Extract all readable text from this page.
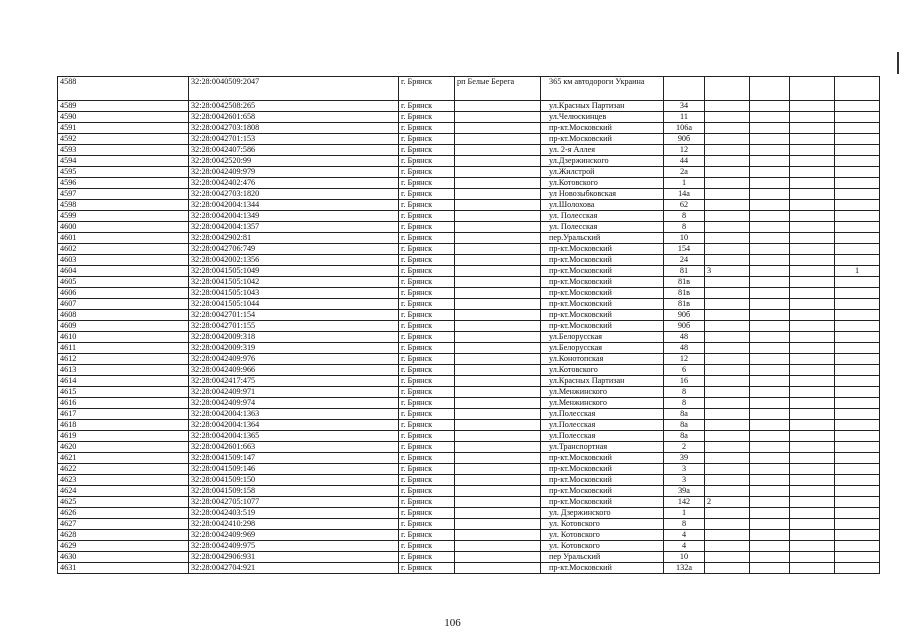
4588	32:28:0040509:2047	г. Брянск	рп Белые Берега	365 км автодороги Украина					
4589	32:28:0042508:265	г. Брянск		ул.Красных Партизан	34				
4590	32:28:0042601:658	г. Брянск		ул.Челюскинцев	11				
4591	32:28:0042703:1808	г. Брянск		пр-кт.Московский	106а				
4592	32:28:0042701:153	г. Брянск		пр-кт.Московский	90б				
4593	32:28:0042407:586	г. Брянск		ул. 2-я Аллея	12				
4594	32:28:0042520:99	г. Брянск		ул.Дзержинского	44				
4595	32:28:0042409:979	г. Брянск		ул.Жилстрой	2а				
4596	32:28:0042402:476	г. Брянск		ул.Котовского	1				
4597	32:28:0042703:1820	г. Брянск		ул Новозыбковская	14а				
4598	32:28:0042004:1344	г. Брянск		ул.Шолохова	62				
4599	32:28:0042004:1349	г. Брянск		ул. Полесская	8				
4600	32:28:0042004:1357	г. Брянск		ул. Полесская	8				
4601	32:28:0042902:81	г. Брянск		пер.Уральский	10				
4602	32:28:0042706:749	г. Брянск		пр-кт.Московский	154				
4603	32:28:0042002:1356	г. Брянск		пр-кт.Московский	24				
4604	32:28:0041505:1049	г. Брянск		пр-кт.Московский	81	3			1
4605	32:28:0041505:1042	г. Брянск		пр-кт.Московский	81в				
4606	32:28:0041505:1043	г. Брянск		пр-кт.Московский	81в				
4607	32:28:0041505:1044	г. Брянск		пр-кт.Московский	81в				
4608	32:28:0042701:154	г. Брянск		пр-кт.Московский	90б				
4609	32:28:0042701:155	г. Брянск		пр-кт.Московский	90б				
4610	32:28:0042009:318	г. Брянск		ул.Белорусская	48				
4611	32:28:0042009:319	г. Брянск		ул.Белорусская	48				
4612	32:28:0042409:976	г. Брянск		ул.Конотопская	12				
4613	32:28:0042409:966	г. Брянск		ул.Котовского	6				
4614	32:28:0042417:475	г. Брянск		ул.Красных Партизан	16				
4615	32:28:0042409:971	г. Брянск		ул.Менжинского	8				
4616	32:28:0042409:974	г. Брянск		ул.Менжинского	8				
4617	32:28:0042004:1363	г. Брянск		ул.Полесская	8а				
4618	32:28:0042004:1364	г. Брянск		ул.Полесская	8а				
4619	32:28:0042004:1365	г. Брянск		ул.Полесская	8а				
4620	32:28:0042601:663	г. Брянск		ул.Транспортная	2				
4621	32:28:0041509:147	г. Брянск		пр-кт.Московский	39				
4622	32:28:0041509:146	г. Брянск		пр-кт.Московский	3				
4623	32:28:0041509:150	г. Брянск		пр-кт.Московский	3				
4624	32:28:0041509:158	г. Брянск		пр-кт.Московский	39а				
4625	32:28:0042705:1077	г. Брянск		пр-кт.Московский	142	2			
4626	32:28:0042403:519	г. Брянск		ул. Дзержинского	1				
4627	32:28:0042410:298	г. Брянск		ул. Котовского	8				
4628	32:28:0042409:969	г. Брянск		ул. Котовского	4				
4629	32:28:0042409:975	г. Брянск		ул. Котовского	4				
4630	32:28:0042906:931	г. Брянск		пер Уральский	10				
4631	32:28:0042704:921	г. Брянск		пр-кт.Московский	132а				
106
